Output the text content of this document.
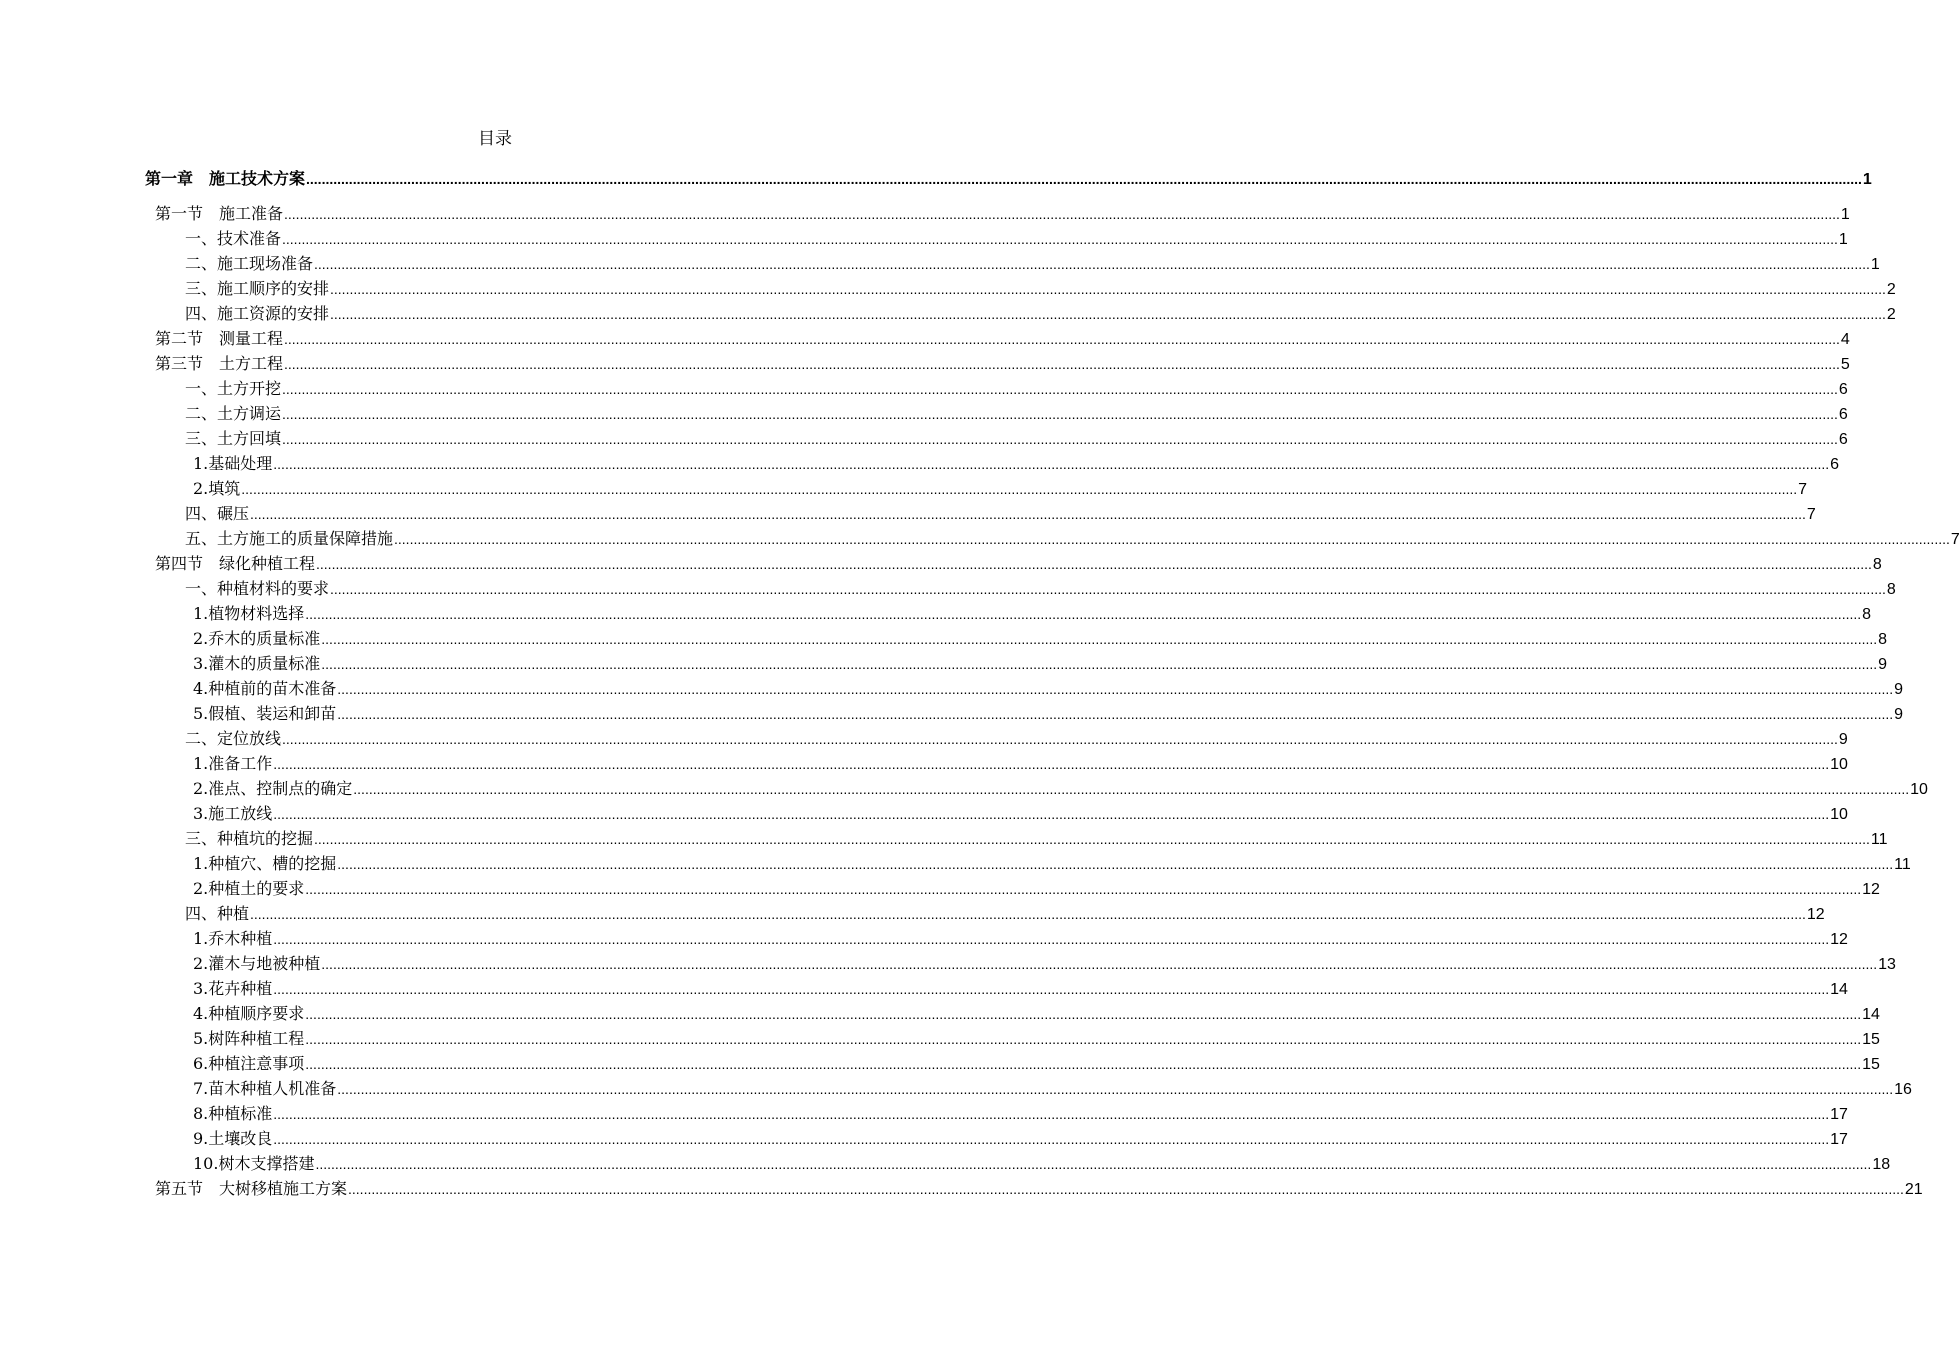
目录
第一章　施工技术方案 ................................................................................................................................................................................................................................................................................................................................................................................................................ 1
第一节　施工准备 ................................................................................................................................................................................................................................................................................................................................................................................................................ 1
一、技术准备 ................................................................................................................................................................................................................................................................................................................................................................................................................ 1
二、施工现场准备 ................................................................................................................................................................................................................................................................................................................................................................................................................ 1
三、施工顺序的安排 ................................................................................................................................................................................................................................................................................................................................................................................................................ 2
四、施工资源的安排 ................................................................................................................................................................................................................................................................................................................................................................................................................ 2
第二节　测量工程 ................................................................................................................................................................................................................................................................................................................................................................................................................ 4
第三节　土方工程 ................................................................................................................................................................................................................................................................................................................................................................................................................ 5
一、土方开挖 ................................................................................................................................................................................................................................................................................................................................................................................................................ 6
二、土方调运 ................................................................................................................................................................................................................................................................................................................................................................................................................ 6
三、土方回填 ................................................................................................................................................................................................................................................................................................................................................................................................................ 6
1.基础处理 ................................................................................................................................................................................................................................................................................................................................................................................................................ 6
2.填筑 ................................................................................................................................................................................................................................................................................................................................................................................................................ 7
四、碾压 ................................................................................................................................................................................................................................................................................................................................................................................................................ 7
五、土方施工的质量保障措施 ................................................................................................................................................................................................................................................................................................................................................................................................................ 7
第四节　绿化种植工程 ................................................................................................................................................................................................................................................................................................................................................................................................................ 8
一、种植材料的要求 ................................................................................................................................................................................................................................................................................................................................................................................................................ 8
1.植物材料选择 ................................................................................................................................................................................................................................................................................................................................................................................................................ 8
2.乔木的质量标准 ................................................................................................................................................................................................................................................................................................................................................................................................................ 8
3.灌木的质量标准 ................................................................................................................................................................................................................................................................................................................................................................................................................ 9
4.种植前的苗木准备 ................................................................................................................................................................................................................................................................................................................................................................................................................ 9
5.假植、装运和卸苗 ................................................................................................................................................................................................................................................................................................................................................................................................................ 9
二、定位放线 ................................................................................................................................................................................................................................................................................................................................................................................................................ 9
1.准备工作 ................................................................................................................................................................................................................................................................................................................................................................................................................ 10
2.准点、控制点的确定 ................................................................................................................................................................................................................................................................................................................................................................................................................ 10
3.施工放线 ................................................................................................................................................................................................................................................................................................................................................................................................................ 10
三、种植坑的挖掘 ................................................................................................................................................................................................................................................................................................................................................................................................................ 11
1.种植穴、槽的挖掘 ................................................................................................................................................................................................................................................................................................................................................................................................................ 11
2.种植土的要求 ................................................................................................................................................................................................................................................................................................................................................................................................................ 12
四、种植 ................................................................................................................................................................................................................................................................................................................................................................................................................ 12
1.乔木种植 ................................................................................................................................................................................................................................................................................................................................................................................................................ 12
2.灌木与地被种植 ................................................................................................................................................................................................................................................................................................................................................................................................................ 13
3.花卉种植 ................................................................................................................................................................................................................................................................................................................................................................................................................ 14
4.种植顺序要求 ................................................................................................................................................................................................................................................................................................................................................................................................................ 14
5.树阵种植工程 ................................................................................................................................................................................................................................................................................................................................................................................................................ 15
6.种植注意事项 ................................................................................................................................................................................................................................................................................................................................................................................................................ 15
7.苗木种植人机准备 ................................................................................................................................................................................................................................................................................................................................................................................................................ 16
8.种植标准 ................................................................................................................................................................................................................................................................................................................................................................................................................ 17
9.土壤改良 ................................................................................................................................................................................................................................................................................................................................................................................................................ 17
10.树木支撑搭建 ................................................................................................................................................................................................................................................................................................................................................................................................................ 18
第五节　大树移植施工方案 ................................................................................................................................................................................................................................................................................................................................................................................................................ 21
